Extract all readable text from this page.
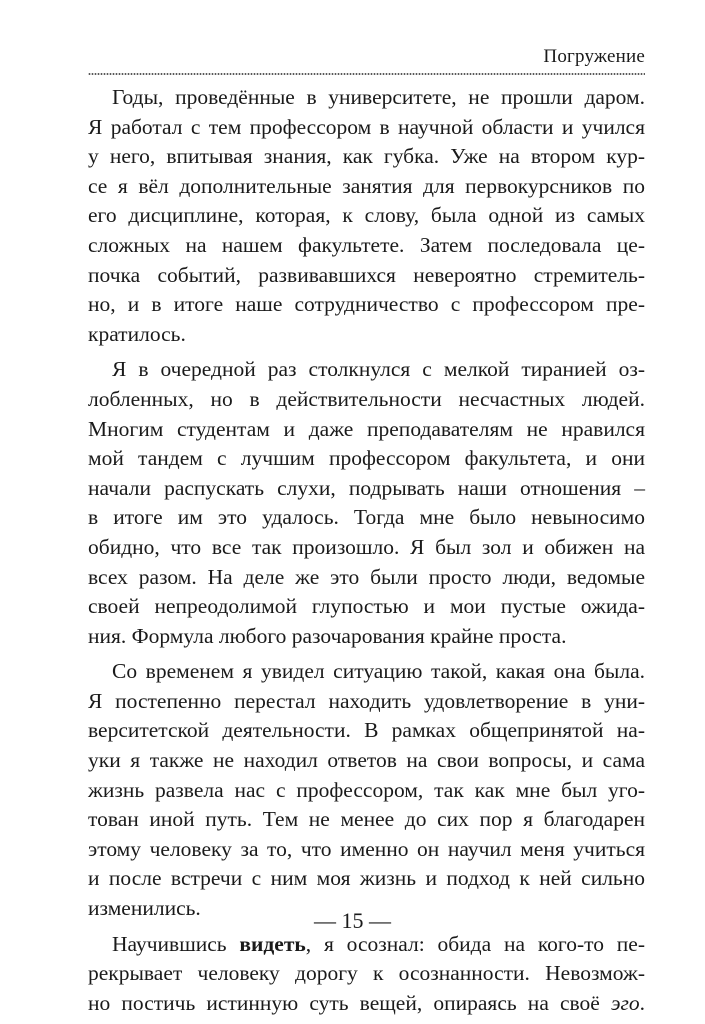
Погружение
Годы, проведённые в университете, не прошли даром.
Я работал с тем профессором в научной области и учился
у него, впитывая знания, как губка. Уже на втором кур-
се я вёл дополнительные занятия для первокурсников по
его дисциплине, которая, к слову, была одной из самых
сложных на нашем факультете. Затем последовала це-
почка событий, развивавшихся невероятно стремитель-
но, и в итоге наше сотрудничество с профессором пре-
кратилось.
Я в очередной раз столкнулся с мелкой тиранией оз-
лобленных, но в действительности несчастных людей.
Многим студентам и даже преподавателям не нравился
мой тандем с лучшим профессором факультета, и они
начали распускать слухи, подрывать наши отношения –
в итоге им это удалось. Тогда мне было невыносимо
обидно, что все так произошло. Я был зол и обижен на
всех разом. На деле же это были просто люди, ведомые
своей непреодолимой глупостью и мои пустые ожида-
ния. Формула любого разочарования крайне проста.
Со временем я увидел ситуацию такой, какая она была.
Я постепенно перестал находить удовлетворение в уни-
верситетской деятельности. В рамках общепринятой на-
уки я также не находил ответов на свои вопросы, и сама
жизнь развела нас с профессором, так как мне был уго-
тован иной путь. Тем не менее до сих пор я благодарен
этому человеку за то, что именно он научил меня учиться
и после встречи с ним моя жизнь и подход к ней сильно
изменились.
Научившись видеть, я осознал: обида на кого-то пе-
рекрывает человеку дорогу к осознанности. Невозмож-
но постичь истинную суть вещей, опираясь на своё эго.
— 15 —
